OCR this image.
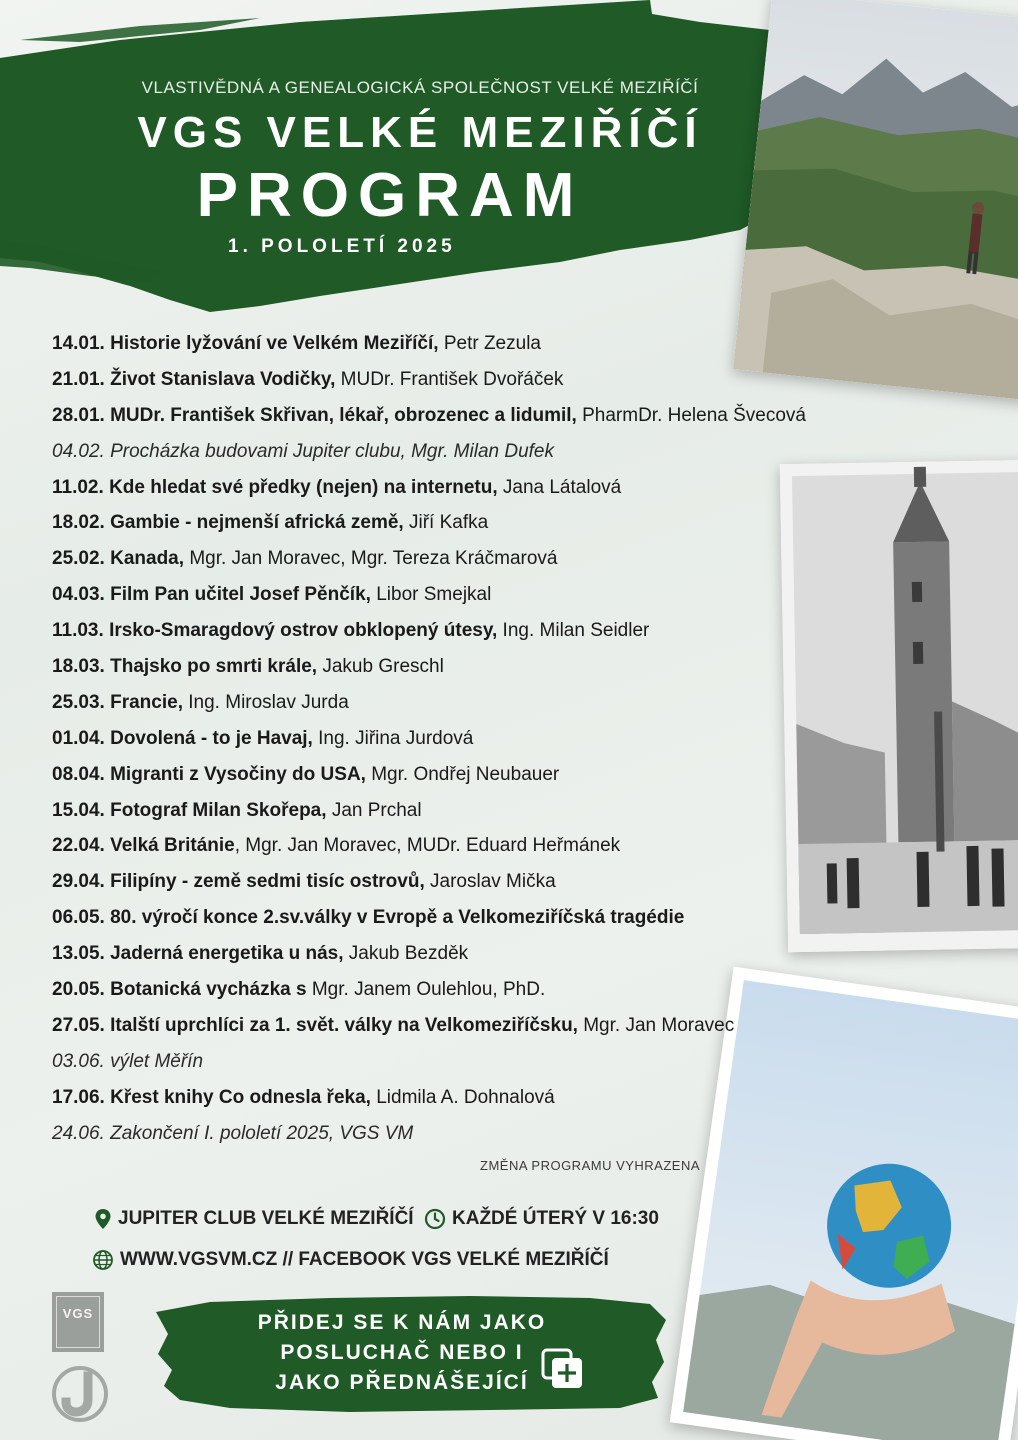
VLASTIVĚDNÁ A GENEALOGICKÁ SPOLEČNOST VELKÉ MEZIŘÍČÍ
VGS VELKÉ MEZIŘÍČÍ
PROGRAM
1. POLOLETÍ 2025
14.01. Historie lyžování ve Velkém Meziříčí, Petr Zezula
21.01. Život Stanislava Vodičky, MUDr. František Dvořáček
28.01. MUDr. František Skřivan, lékař, obrozenec a lidumil, PharmDr. Helena Švecová
04.02. Procházka budovami Jupiter clubu, Mgr. Milan Dufek
11.02. Kde hledat své předky (nejen) na internetu, Jana Látalová
18.02. Gambie - nejmenší africká země, Jiří Kafka
25.02. Kanada, Mgr. Jan Moravec, Mgr. Tereza Kráčmarová
04.03. Film Pan učitel Josef Pěnčík, Libor Smejkal
11.03. Irsko-Smaragdový ostrov obklopený útesy, Ing. Milan Seidler
18.03. Thajsko po smrti krále, Jakub Greschl
25.03. Francie, Ing. Miroslav Jurda
01.04. Dovolená - to je Havaj, Ing. Jiřina Jurdová
08.04. Migranti z Vysočiny do USA, Mgr. Ondřej Neubauer
15.04. Fotograf Milan Skořepa, Jan Prchal
22.04. Velká Británie, Mgr. Jan Moravec, MUDr. Eduard Heřmánek
29.04. Filipíny - země sedmi tisíc ostrovů, Jaroslav Mička
06.05. 80. výročí konce 2.sv.války v Evropě a Velkomeziříčská tragédie
13.05. Jaderná energetika u nás, Jakub Bezděk
20.05. Botanická vycházka s Mgr. Janem Oulehlou, PhD.
27.05. Italští uprchlíci za 1. svět. války na Velkomeziříčsku, Mgr. Jan Moravec
03.06. výlet Měřín
17.06. Křest knihy Co odnesla řeka, Lidmila A. Dohnalová
24.06. Zakončení I. pololetí 2025, VGS VM
ZMĚNA PROGRAMU VYHRAZENA
JUPITER CLUB VELKÉ MEZIŘÍČÍ KAŽDÉ ÚTERÝ V 16:30
WWW.VGSVM.CZ // FACEBOOK VGS VELKÉ MEZIŘÍČÍ
VGS	PŘIDEJ SE K NÁM JAKO
POSLUCHAČ NEBO I
JAKO PŘEDNÁŠEJÍCÍ
